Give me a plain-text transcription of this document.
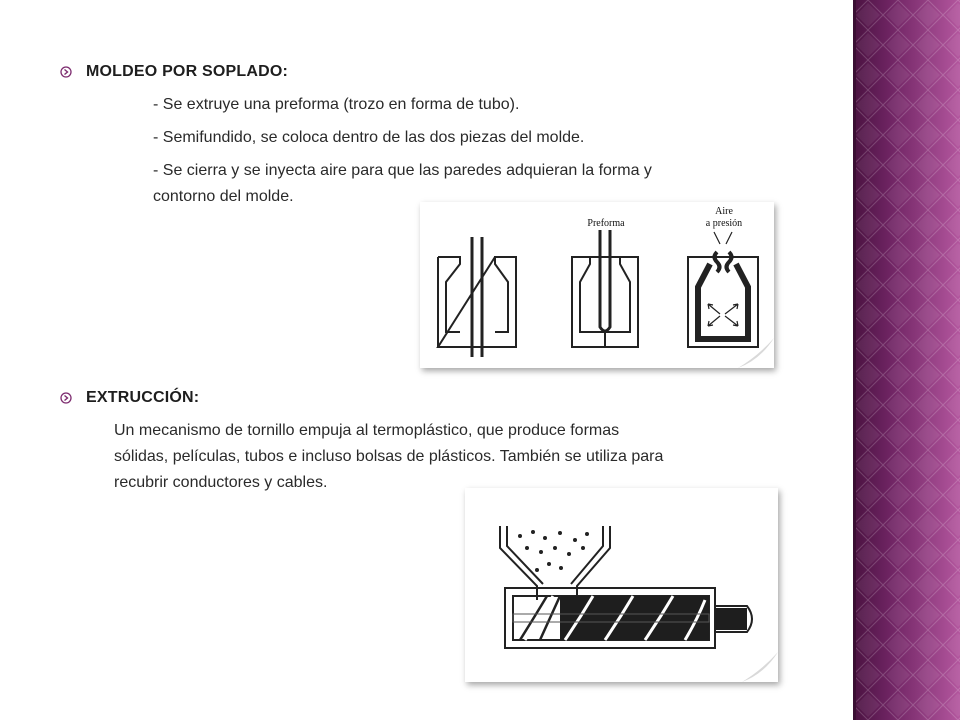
MOLDEO POR SOPLADO:
- Se extruye una preforma (trozo en forma de tubo).
- Semifundido, se coloca dentro de las dos piezas del molde.
- Se cierra y se inyecta aire para que las paredes adquieran la forma y
contorno del molde.
Preforma
Aire
a presión
EXTRUCCIÓN:
Un mecanismo de tornillo empuja al termoplástico, que produce formas
sólidas, películas, tubos e incluso bolsas de plásticos. También se utiliza para
recubrir conductores y cables.
